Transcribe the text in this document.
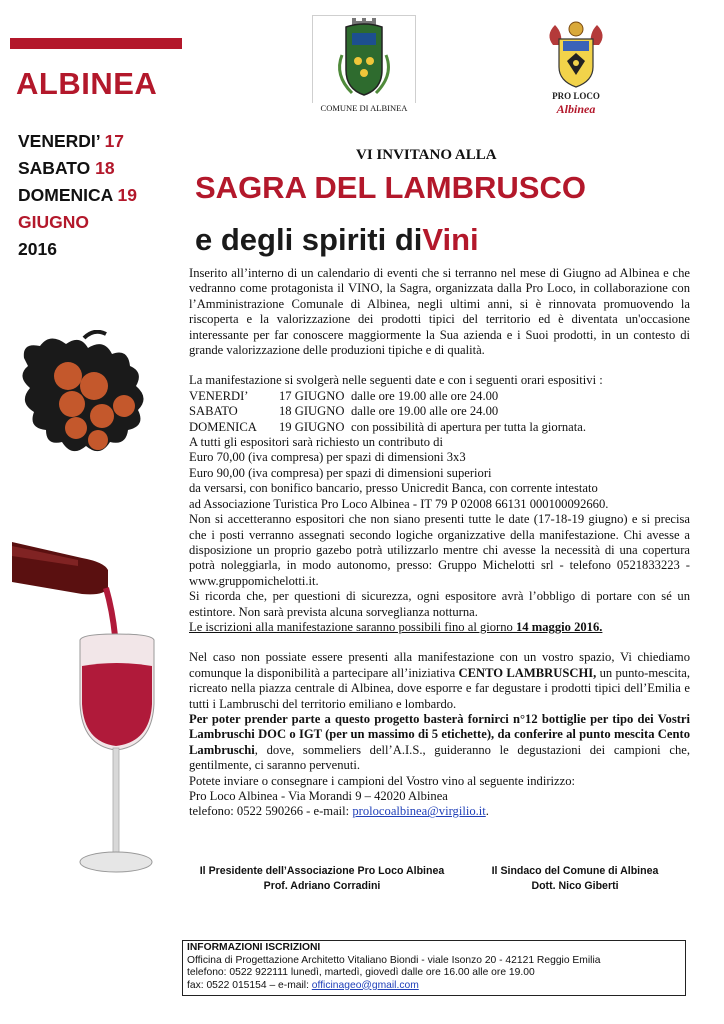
ALBINEA
VENERDI’ 17
SABATO 18
DOMENICA 19
GIUGNO
2016
COMUNE DI ALBINEA
PRO LOCO
Albinea
VI INVITANO ALLA
SAGRA DEL LAMBRUSCO
e degli spiriti diVini

Inserito all’interno di un calendario di eventi che si terranno nel mese di Giugno ad Albinea e che vedranno come protagonista il VINO, la Sagra, organizzata dalla Pro Loco, in collaborazione con l’Amministrazione Comunale di Albinea, negli ultimi anni, si è rinnovata promuovendo la riscoperta e la valorizzazione dei prodotti tipici del territorio ed è diventata un'occasione interessante per far conoscere maggiormente la Sua azienda e i Suoi prodotti, in un contesto di grande valorizzazione delle produzioni tipiche e di qualità.

La manifestazione si svolgerà nelle seguenti date e con i seguenti orari espositivi :

VENERDI’ 17 GIUGNO dalle ore 19.00 alle ore 24.00
SABATO	18 GIUGNO dalle ore 19.00 alle ore 24.00
DOMENICA 19 GIUGNO con possibilità di apertura per tutta la giornata.

A tutti gli espositori sarà richiesto un contributo di

Euro 70,00 (iva compresa) per spazi di dimensioni 3x3

Euro 90,00 (iva compresa) per spazi di dimensioni superiori

da versarsi, con bonifico bancario, presso Unicredit Banca, con corrente intestato

ad Associazione Turistica Pro Loco Albinea - IT 79 P 02008 66131 000100092660.

Non si accetteranno espositori che non siano presenti tutte le date (17-18-19 giugno) e si precisa che i posti verranno assegnati secondo logiche organizzative della manifestazione. Chi avesse a disposizione un proprio gazebo potrà utilizzarlo mentre chi avesse la necessità di una copertura potrà noleggiarla, in modo autonomo, presso: Gruppo Michelotti srl - telefono 0521833223 - www.gruppomichelotti.it.

Si ricorda che, per questioni di sicurezza, ogni espositore avrà l’obbligo di portare con sé un estintore. Non sarà prevista alcuna sorveglianza notturna.

Le iscrizioni alla manifestazione saranno possibili fino al giorno 14 maggio 2016.

Nel caso non possiate essere presenti alla manifestazione con un vostro spazio, Vi chiediamo comunque la disponibilità a partecipare all’iniziativa CENTO LAMBRUSCHI, un punto-mescita, ricreato nella piazza centrale di Albinea, dove esporre e far degustare i prodotti tipici dell’Emilia e tutti i Lambruschi del territorio emiliano e lombardo.

Per poter prender parte a questo progetto basterà fornirci n°12 bottiglie per tipo dei Vostri Lambruschi DOC o IGT (per un massimo di 5 etichette), da conferire al punto mescita Cento Lambruschi, dove, sommeliers dell’A.I.S., guideranno le degustazioni dei campioni che, gentilmente, ci saranno pervenuti.

Potete inviare o consegnare i campioni del Vostro vino al seguente indirizzo:

Pro Loco Albinea - Via Morandi 9 – 42020 Albinea

telefono: 0522 590266 - e-mail: prolocoalbinea@virgilio.it.

Il Presidente dell’Associazione Pro Loco Albinea
Prof. Adriano Corradini
Il Sindaco del Comune di Albinea
Dott. Nico Giberti
INFORMAZIONI ISCRIZIONI
Officina di Progettazione Architetto Vitaliano Biondi - viale Isonzo 20 - 42121 Reggio Emilia
telefono: 0522 922111 lunedì, martedì, giovedì dalle ore 16.00 alle ore 19.00
fax: 0522 015154 – e-mail: officinageo@gmail.com
